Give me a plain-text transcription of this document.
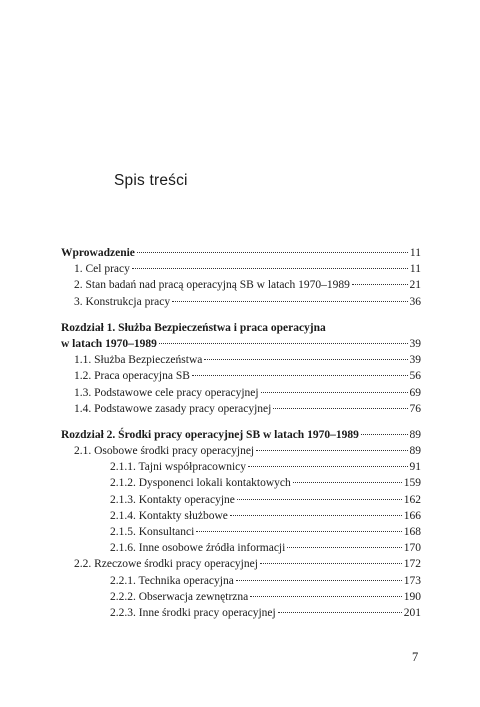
Spis treści
Wprowadzenie	11
1. Cel pracy	11
2. Stan badań nad pracą operacyjną SB w latach 1970–1989	21
3. Konstrukcja pracy	36
Rozdział 1. Służba Bezpieczeństwa i praca operacyjna
w latach 1970–1989	39
1.1. Służba Bezpieczeństwa	39
1.2. Praca operacyjna SB	56
1.3. Podstawowe cele pracy operacyjnej	69
1.4. Podstawowe zasady pracy operacyjnej	76
Rozdział 2. Środki pracy operacyjnej SB w latach 1970–1989	89
2.1. Osobowe środki pracy operacyjnej	89
2.1.1. Tajni współpracownicy	91
2.1.2. Dysponenci lokali kontaktowych	159
2.1.3. Kontakty operacyjne	162
2.1.4. Kontakty służbowe	166
2.1.5. Konsultanci	168
2.1.6. Inne osobowe źródła informacji	170
2.2. Rzeczowe środki pracy operacyjnej	172
2.2.1. Technika operacyjna	173
2.2.2. Obserwacja zewnętrzna	190
2.2.3. Inne środki pracy operacyjnej	201
7
